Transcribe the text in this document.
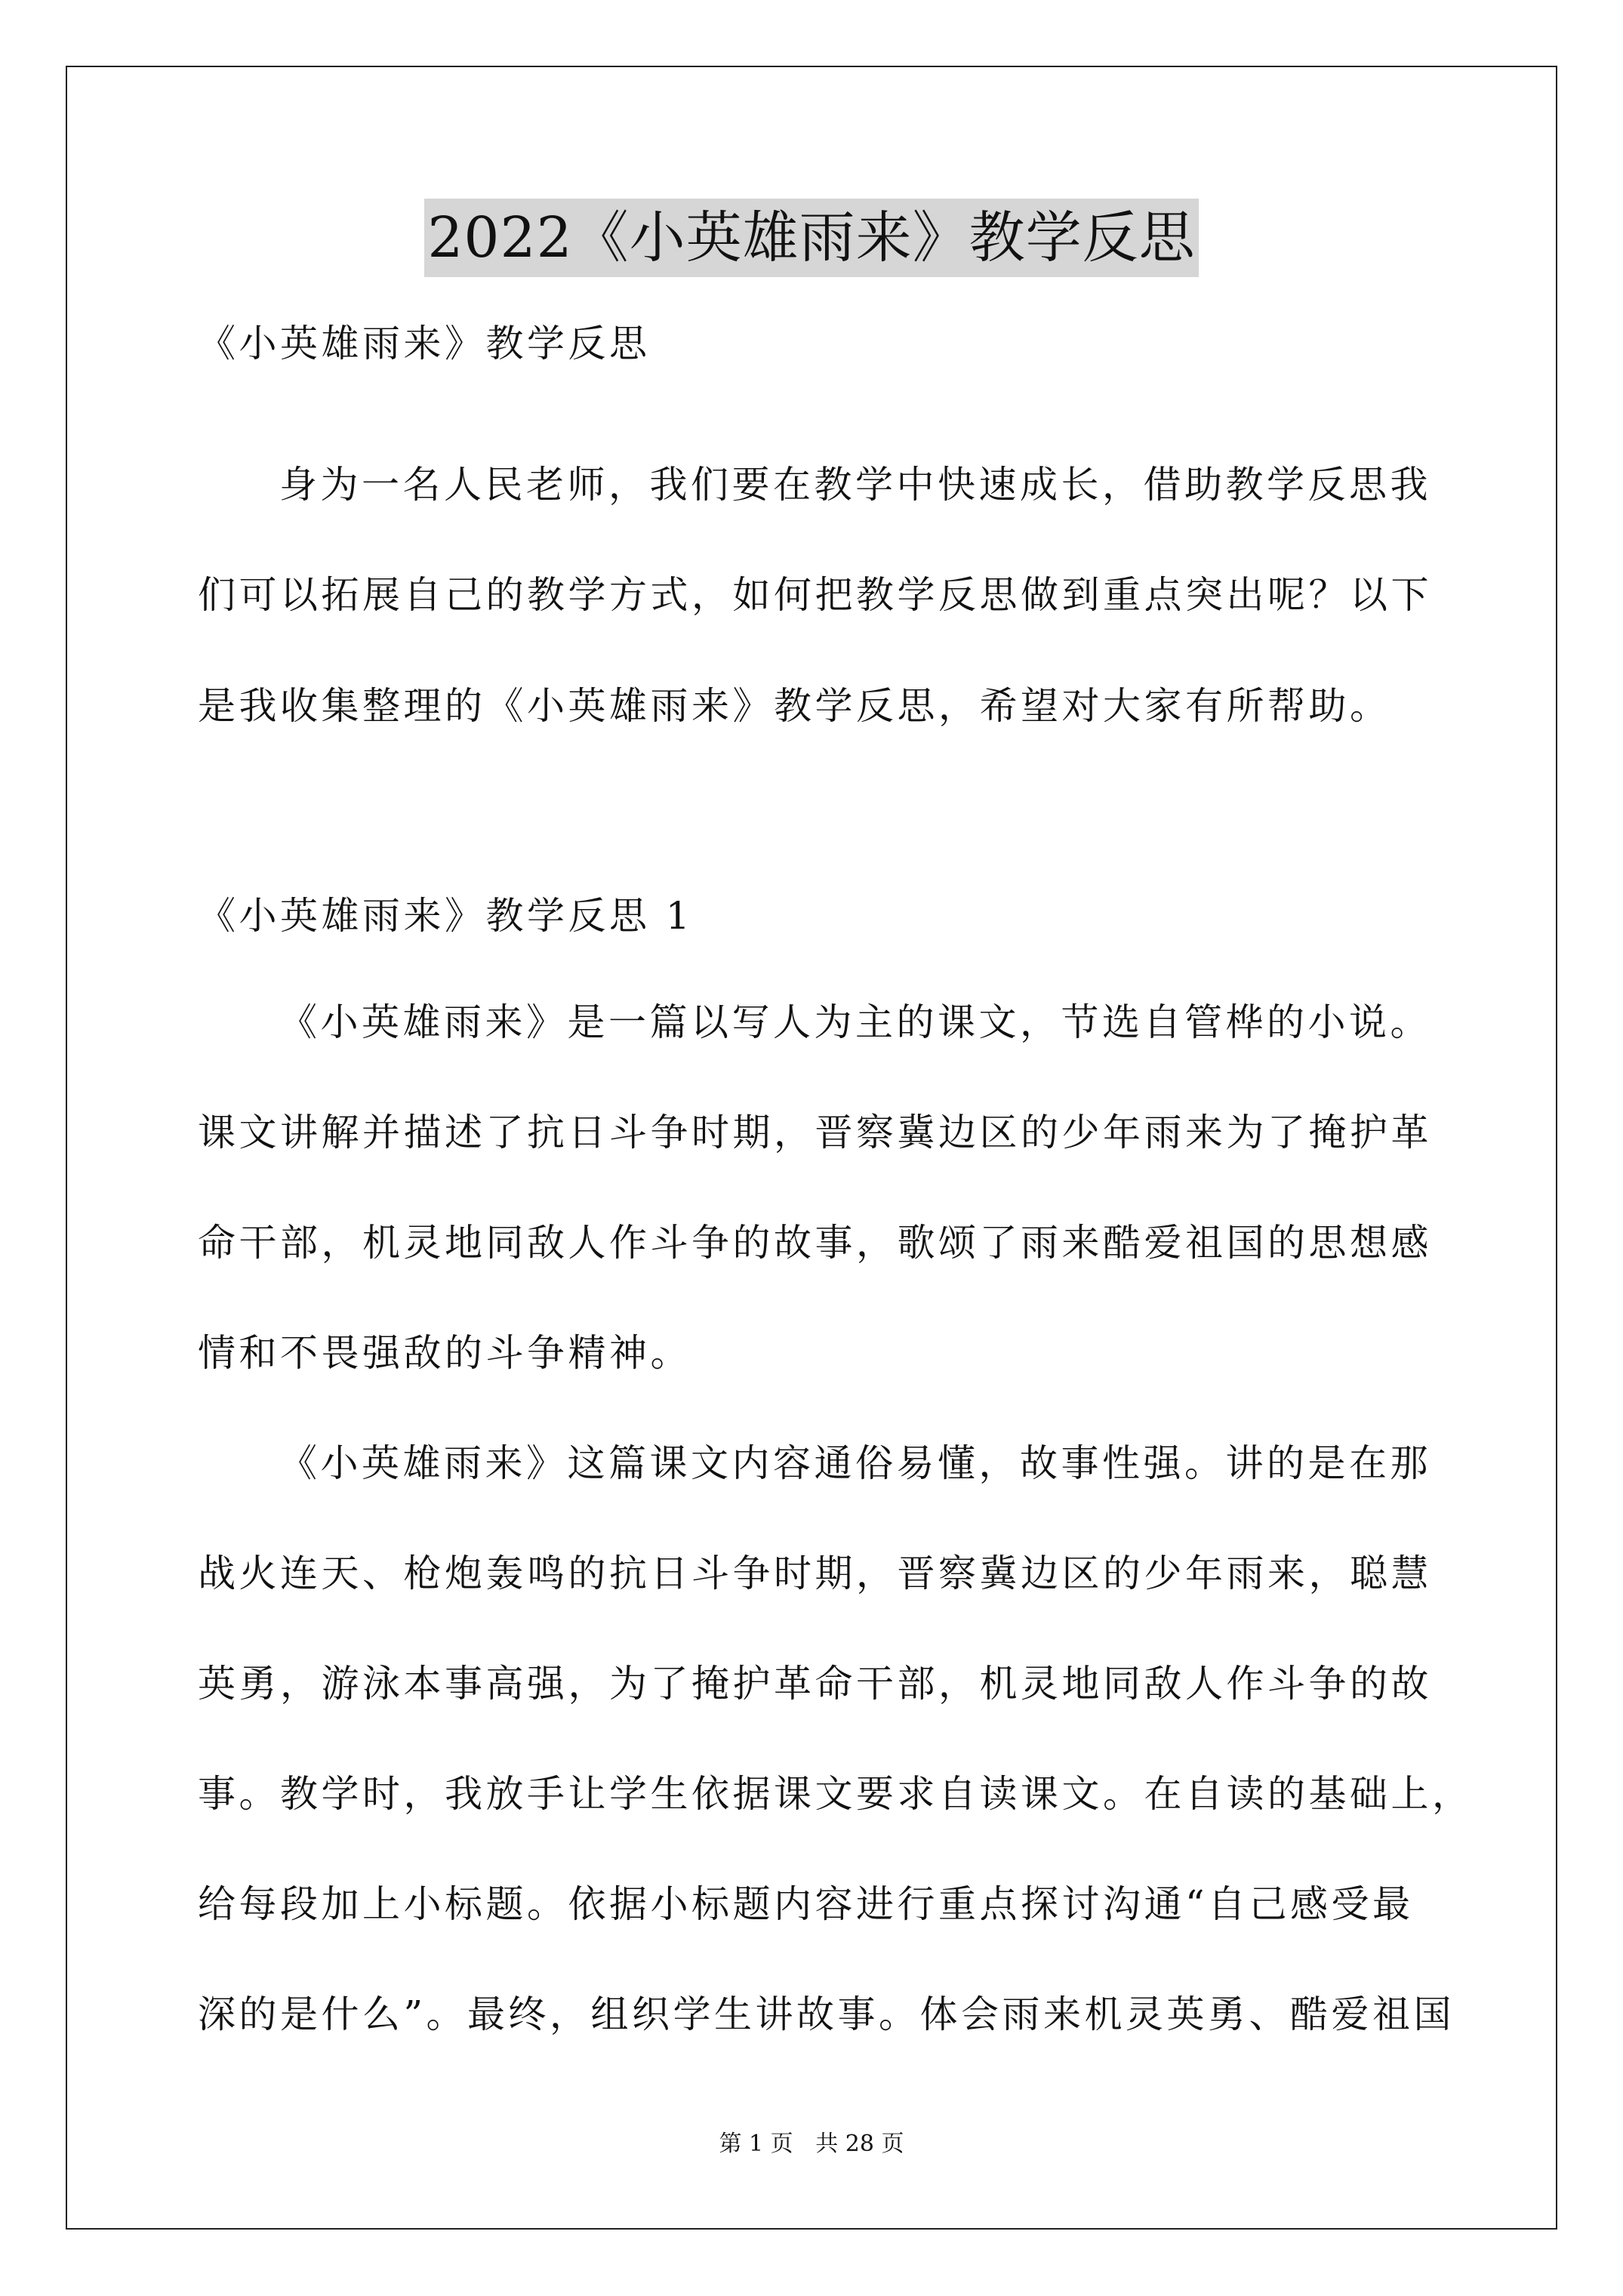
2022《小英雄雨来》教学反思
《小英雄雨来》教学反思
身为一名人民老师，我们要在教学中快速成长，借助教学反思我
们可以拓展自己的教学方式，如何把教学反思做到重点突出呢？以下
是我收集整理的《小英雄雨来》教学反思，希望对大家有所帮助。
《小英雄雨来》教学反思 1
《小英雄雨来》是一篇以写人为主的课文，节选自管桦的小说。
课文讲解并描述了抗日斗争时期，晋察冀边区的少年雨来为了掩护革
命干部，机灵地同敌人作斗争的故事，歌颂了雨来酷爱祖国的思想感
情和不畏强敌的斗争精神。
《小英雄雨来》这篇课文内容通俗易懂，故事性强。讲的是在那
战火连天、枪炮轰鸣的抗日斗争时期，晋察冀边区的少年雨来，聪慧
英勇，游泳本事高强，为了掩护革命干部，机灵地同敌人作斗争的故
事。教学时，我放手让学生依据课文要求自读课文。在自读的基础上，
给每段加上小标题。依据小标题内容进行重点探讨沟通“自己感受最
深的是什么”。最终，组织学生讲故事。体会雨来机灵英勇、酷爱祖国
第 1 页 共 28 页
